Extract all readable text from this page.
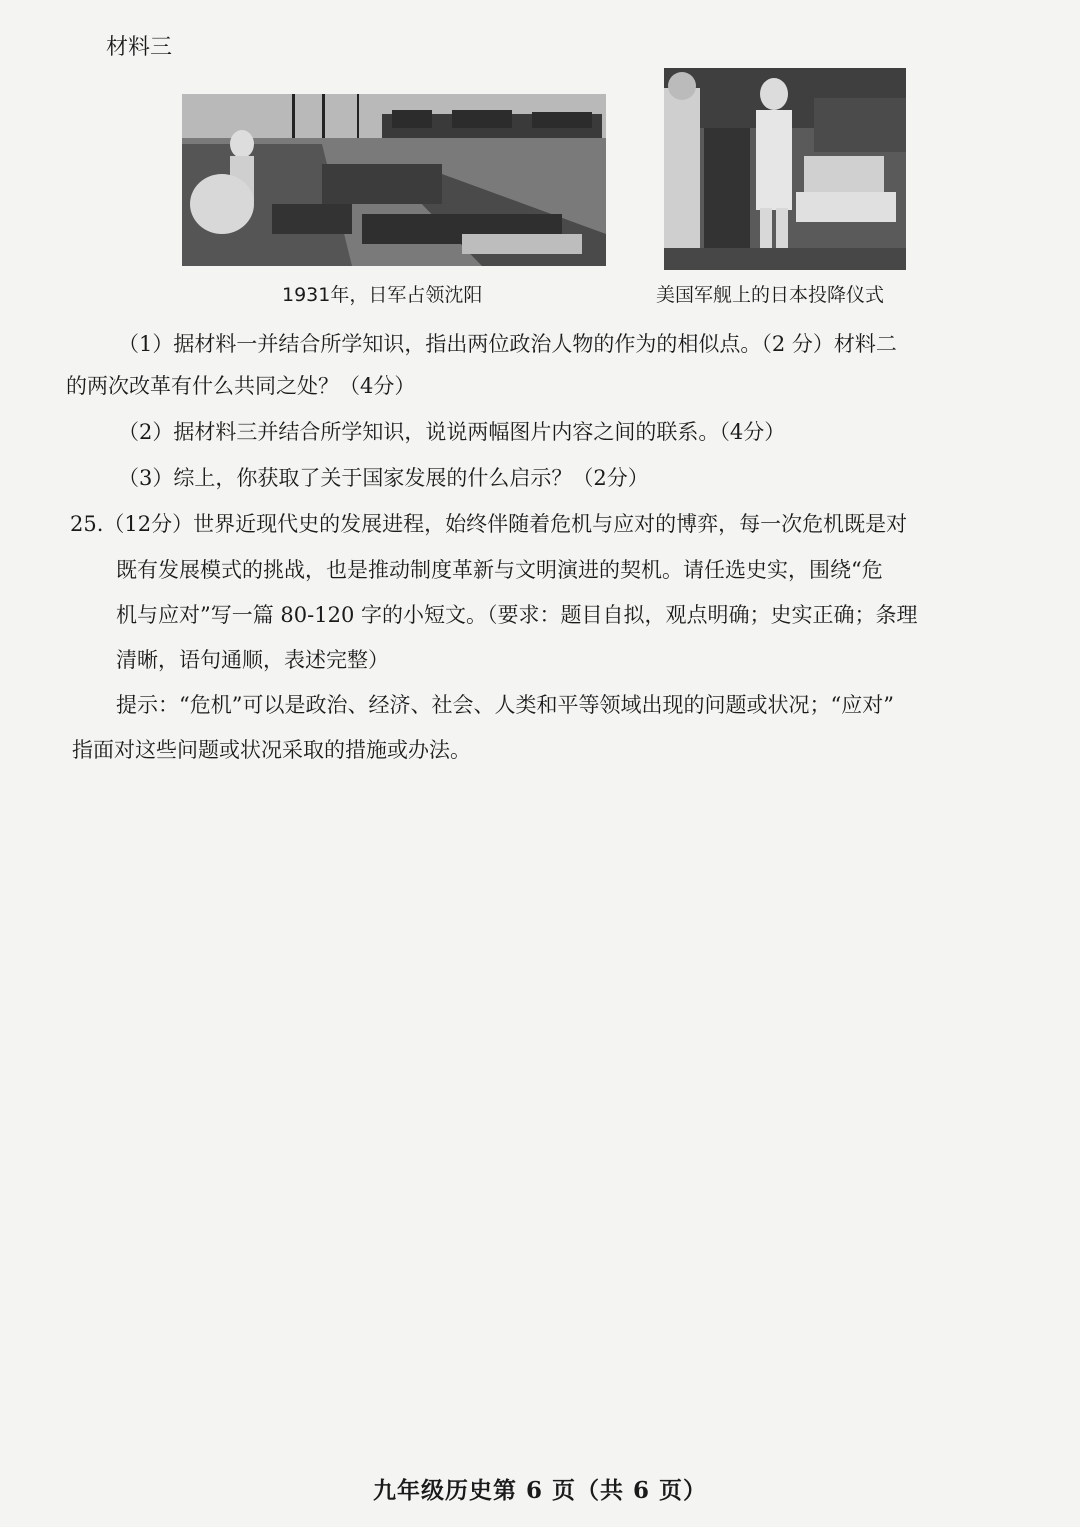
材料三
1931年，日军占领沈阳	美国军舰上的日本投降仪式
（1）据材料一并结合所学知识，指出两位政治人物的作为的相似点。（2 分）材料二
的两次改革有什么共同之处？（4分）
（2）据材料三并结合所学知识，说说两幅图片内容之间的联系。（4分）
（3）综上，你获取了关于国家发展的什么启示？（2分）
25.（12分）世界近现代史的发展进程，始终伴随着危机与应对的博弈，每一次危机既是对
既有发展模式的挑战，也是推动制度革新与文明演进的契机。请任选史实，围绕“危
机与应对”写一篇 80-120 字的小短文。（要求：题目自拟，观点明确；史实正确；条理
清晰，语句通顺，表述完整）
提示：“危机”可以是政治、经济、社会、人类和平等领域出现的问题或状况；“应对”
指面对这些问题或状况采取的措施或办法。
九年级历史第 6 页（共 6 页）
